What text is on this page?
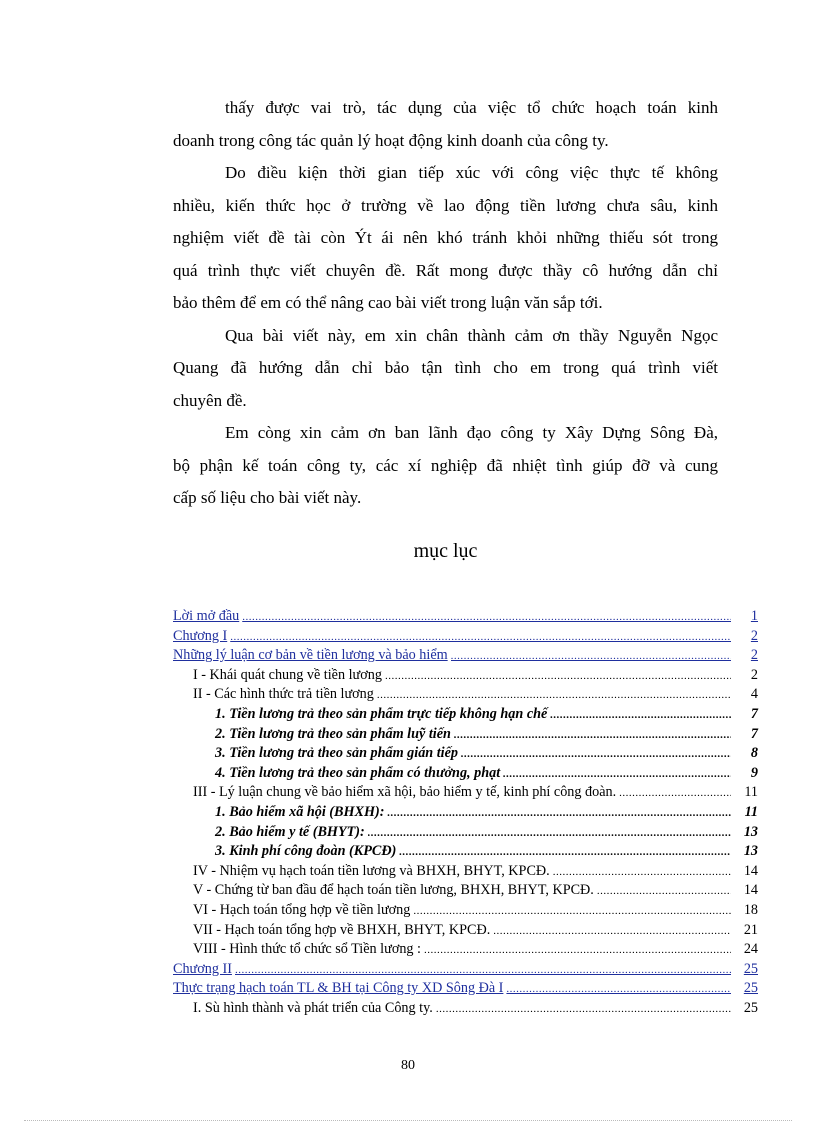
thấy được vai trò, tác dụng của việc tổ chức hoạch toán kinh
doanh trong công tác quản lý hoạt động kinh doanh của công ty.
Do điều kiện thời gian tiếp xúc với công việc thực tế không
nhiều, kiến thức học ở trường về lao động tiền lương chưa sâu, kinh
nghiệm viết đề tài còn Ýt ái nên khó tránh khỏi những thiếu sót trong
quá trình thực viết chuyên đề. Rất mong được thầy cô hướng dẫn chỉ
bảo thêm để em có thể nâng cao bài viết trong luận văn sắp tới.
Qua bài viết này, em xin chân thành cảm ơn thầy Nguyễn Ngọc
Quang đã hướng dẫn chỉ bảo tận tình cho em trong quá trình viết
chuyên đề.
Em còng xin cảm ơn ban lãnh đạo công ty Xây Dựng Sông Đà,
bộ phận kế toán công ty, các xí nghiệp đã nhiệt tình giúp đỡ và cung
cấp số liệu cho bài viết này.
mục lục
Lời mở đầu .....	1
Chương I .....	2
Những lý luận cơ bản về tiền lương và bảo hiểm .....	2
I - Khái quát chung về tiền lương .....	2
II - Các hình thức trả tiền lương .....	4
1. Tiền lương trả theo sản phẩm trực tiếp không hạn chế .....	7
2. Tiền lương trả theo sản phẩm luỹ tiến .....	7
3. Tiền lương trả theo sản phẩm gián tiếp .....	8
4. Tiền lương trả theo sản phẩm có thưởng, phạt .....	9
III - Lý luận chung về bảo hiểm xã hội, bảo hiểm y tế, kinh phí công đoàn. .....	11
1. Bảo hiểm xã hội (BHXH): .....	11
2. Bảo hiểm y tế (BHYT): .....	13
3. Kinh phí công đoàn (KPCĐ) .....	13
IV - Nhiệm vụ hạch toán tiền lương và BHXH, BHYT, KPCĐ. .....	14
V - Chứng từ ban đầu để hạch toán tiền lương, BHXH, BHYT, KPCĐ. .....	14
VI - Hạch toán tổng hợp về tiền lương .....	18
VII - Hạch toán tổng hợp về BHXH, BHYT, KPCĐ. .....	21
VIII - Hình thức tổ chức sổ Tiền lương : .....	24
Chương II .....	25
Thực trạng hạch toán TL & BH tại Công ty XD Sông Đà I .....	25
I. Sù hình thành và phát triển của Công ty. .....	25
80
